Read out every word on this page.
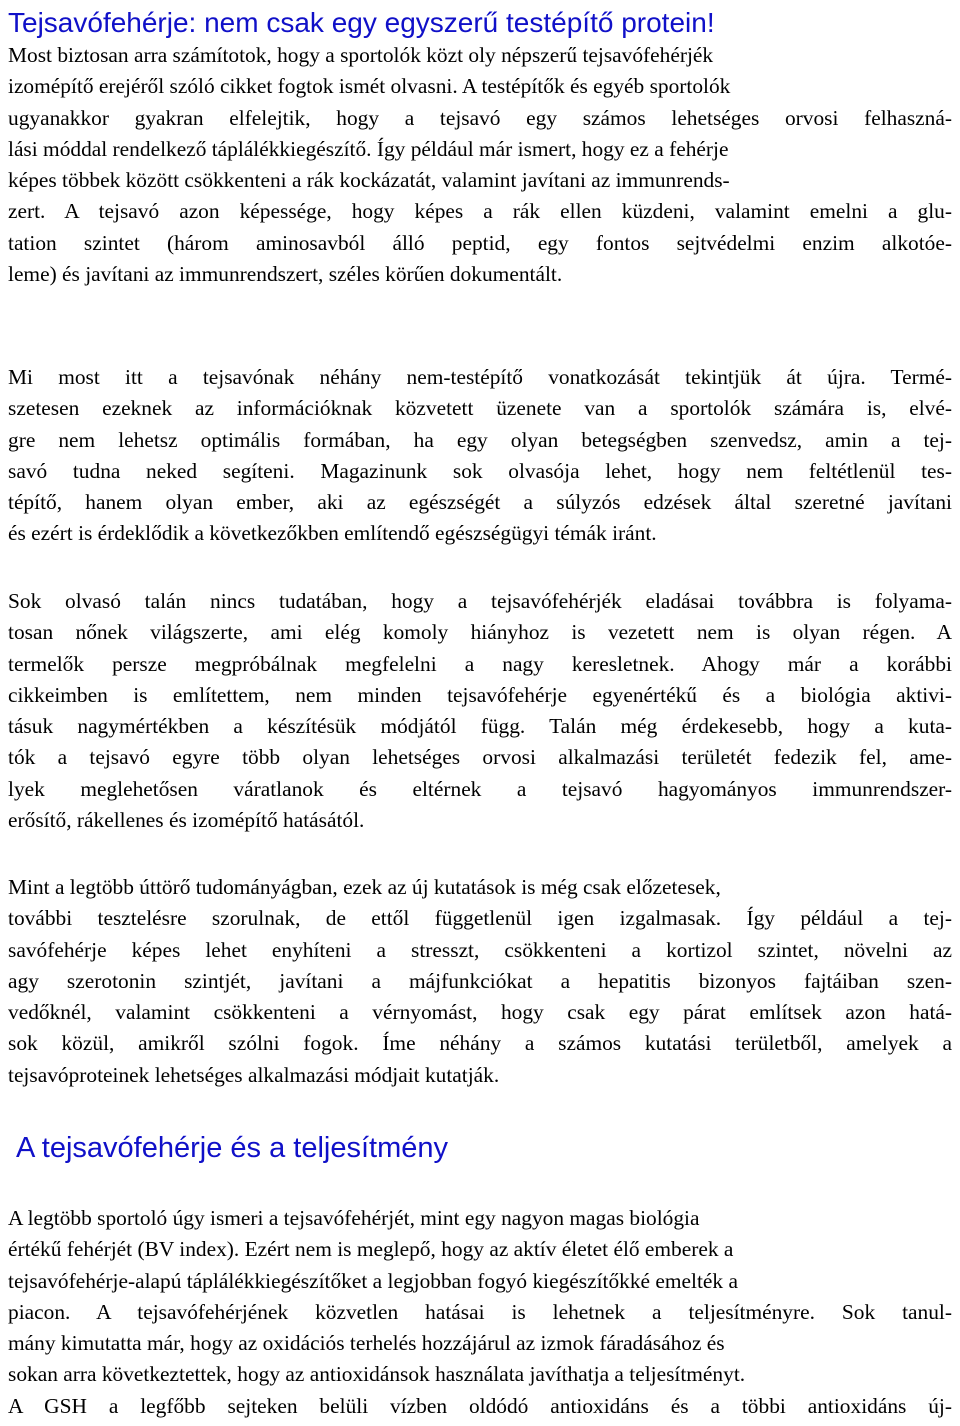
Tejsavófehérje: nem csak egy egyszerű testépítő protein!
Most biztosan arra számítotok, hogy a sportolók közt oly népszerű tejsavófehérjék
izomépítő erejéről szóló cikket fogtok ismét olvasni. A testépítők és egyéb sportolók
ugyanakkor gyakran elfelejtik, hogy a tejsavó egy számos lehetséges orvosi felhaszná-
lási móddal rendelkező táplálékkiegészítő. Így például már ismert, hogy ez a fehérje
képes többek között csökkenteni a rák kockázatát, valamint javítani az immunrends-
zert. A tejsavó azon képessége, hogy képes a rák ellen küzdeni, valamint emelni a glu-
tation szintet (három aminosavból álló peptid, egy fontos sejtvédelmi enzim alkotóe-
leme) és javítani az immunrendszert, széles körűen dokumentált.
Mi most itt a tejsavónak néhány nem-testépítő vonatkozását tekintjük át újra. Termé-
szetesen ezeknek az információknak közvetett üzenete van a sportolók számára is, elvé-
gre nem lehetsz optimális formában, ha egy olyan betegségben szenvedsz, amin a tej-
savó tudna neked segíteni. Magazinunk sok olvasója lehet, hogy nem feltétlenül tes-
tépítő, hanem olyan ember, aki az egészségét a súlyzós edzések által szeretné javítani
és ezért is érdeklődik a következőkben említendő egészségügyi témák iránt.
Sok olvasó talán nincs tudatában, hogy a tejsavófehérjék eladásai továbbra is folyama-
tosan nőnek világszerte, ami elég komoly hiányhoz is vezetett nem is olyan régen. A
termelők persze megpróbálnak megfelelni a nagy keresletnek. Ahogy már a korábbi
cikkeimben is említettem, nem minden tejsavófehérje egyenértékű és a biológia aktivi-
tásuk nagymértékben a készítésük módjától függ. Talán még érdekesebb, hogy a kuta-
tók a tejsavó egyre több olyan lehetséges orvosi alkalmazási területét fedezik fel, ame-
lyek meglehetősen váratlanok és eltérnek a tejsavó hagyományos immunrendszer-
erősítő, rákellenes és izomépítő hatásától.
Mint a legtöbb úttörő tudományágban, ezek az új kutatások is még csak előzetesek,
további tesztelésre szorulnak, de ettől függetlenül igen izgalmasak. Így például a tej-
savófehérje képes lehet enyhíteni a stresszt, csökkenteni a kortizol szintet, növelni az
agy szerotonin szintjét, javítani a májfunkciókat a hepatitis bizonyos fajtáiban szen-
vedőknél, valamint csökkenteni a vérnyomást, hogy csak egy párat említsek azon hatá-
sok közül, amikről szólni fogok. Íme néhány a számos kutatási területből, amelyek a
tejsavóproteinek lehetséges alkalmazási módjait kutatják.
A tejsavófehérje és a teljesítmény
A legtöbb sportoló úgy ismeri a tejsavófehérjét, mint egy nagyon magas biológia
értékű fehérjét (BV index). Ezért nem is meglepő, hogy az aktív életet élő emberek a
tejsavófehérje-alapú táplálékkiegészítőket a legjobban fogyó kiegészítőkké emelték a
piacon. A tejsavófehérjének közvetlen hatásai is lehetnek a teljesítményre. Sok tanul-
mány kimutatta már, hogy az oxidációs terhelés hozzájárul az izmok fáradásához és
sokan arra következtettek, hogy az antioxidánsok használata javíthatja a teljesítményt.
A GSH a legfőbb sejteken belüli vízben oldódó antioxidáns és a többi antioxidáns új-
